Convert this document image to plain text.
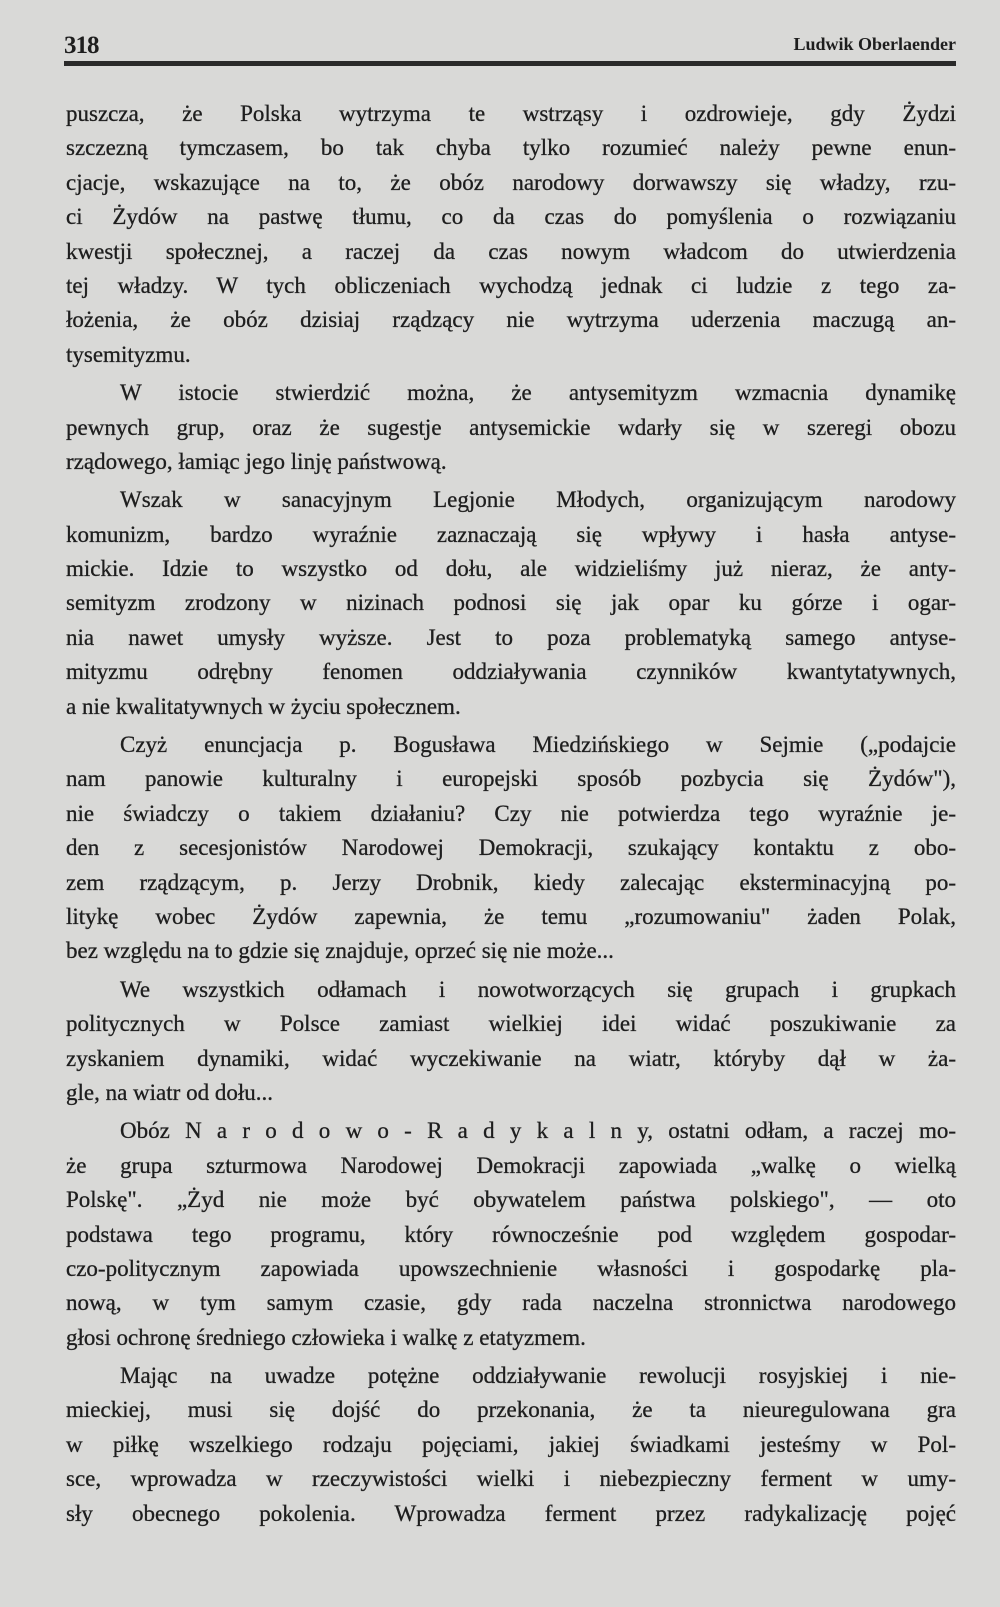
318	Ludwik Oberlaender
puszcza, że Polska wytrzyma te wstrząsy i ozdrowieje, gdy Żydzi
szczezną tymczasem, bo tak chyba tylko rozumieć należy pewne enun-
cjacje, wskazujące na to, że obóz narodowy dorwawszy się władzy, rzu-
ci Żydów na pastwę tłumu, co da czas do pomyślenia o rozwiązaniu
kwestji społecznej, a raczej da czas nowym władcom do utwierdzenia
tej władzy. W tych obliczeniach wychodzą jednak ci ludzie z tego za-
łożenia, że obóz dzisiaj rządzący nie wytrzyma uderzenia maczugą an-
tysemityzmu.
W istocie stwierdzić można, że antysemityzm wzmacnia dynamikę
pewnych grup, oraz że sugestje antysemickie wdarły się w szeregi obozu
rządowego, łamiąc jego linję państwową.
Wszak w sanacyjnym Legjonie Młodych, organizującym narodowy
komunizm, bardzo wyraźnie zaznaczają się wpływy i hasła antyse-
mickie. Idzie to wszystko od dołu, ale widzieliśmy już nieraz, że anty-
semityzm zrodzony w nizinach podnosi się jak opar ku górze i ogar-
nia nawet umysły wyższe. Jest to poza problematyką samego antyse-
mityzmu odrębny fenomen oddziaływania czynników kwantytatywnych,
a nie kwalitatywnych w życiu społecznem.
Czyż enuncjacja p. Bogusława Miedzińskiego w Sejmie („podajcie
nam panowie kulturalny i europejski sposób pozbycia się Żydów"),
nie świadczy o takiem działaniu? Czy nie potwierdza tego wyraźnie je-
den z secesjonistów Narodowej Demokracji, szukający kontaktu z obo-
zem rządzącym, p. Jerzy Drobnik, kiedy zalecając eksterminacyjną po-
litykę wobec Żydów zapewnia, że temu „rozumowaniu" żaden Polak,
bez względu na to gdzie się znajduje, oprzeć się nie może...
We wszystkich odłamach i nowotworzących się grupach i grupkach
politycznych w Polsce zamiast wielkiej idei widać poszukiwanie za
zyskaniem dynamiki, widać wyczekiwanie na wiatr, któryby dął w ża-
gle, na wiatr od dołu...
Obóz N a r o d o w o - R a d y k a l n y, ostatni odłam, a raczej mo-
że grupa szturmowa Narodowej Demokracji zapowiada „walkę o wielką
Polskę". „Żyd nie może być obywatelem państwa polskiego", — oto
podstawa tego programu, który równocześnie pod względem gospodar-
czo-politycznym zapowiada upowszechnienie własności i gospodarkę pla-
nową, w tym samym czasie, gdy rada naczelna stronnictwa narodowego
głosi ochronę średniego człowieka i walkę z etatyzmem.
Mając na uwadze potężne oddziaływanie rewolucji rosyjskiej i nie-
mieckiej, musi się dojść do przekonania, że ta nieuregulowana gra
w piłkę wszelkiego rodzaju pojęciami, jakiej świadkami jesteśmy w Pol-
sce, wprowadza w rzeczywistości wielki i niebezpieczny ferment w umy-
sły obecnego pokolenia. Wprowadza ferment przez radykalizację pojęć
